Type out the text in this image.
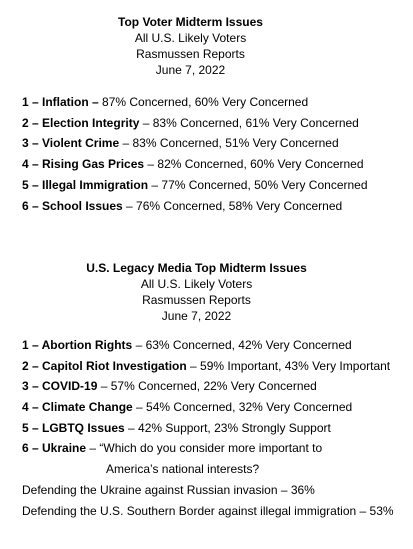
Top Voter Midterm Issues
All U.S. Likely Voters
Rasmussen Reports
June 7, 2022
1 – Inflation – 87% Concerned, 60% Very Concerned
2 – Election Integrity – 83% Concerned, 61% Very Concerned
3 – Violent Crime – 83% Concerned, 51% Very Concerned
4 – Rising Gas Prices – 82% Concerned, 60% Very Concerned
5 – Illegal Immigration – 77% Concerned, 50% Very Concerned
6 – School Issues – 76% Concerned, 58% Very Concerned
U.S. Legacy Media Top Midterm Issues
All U.S. Likely Voters
Rasmussen Reports
June 7, 2022
1 – Abortion Rights – 63% Concerned, 42% Very Concerned
2 – Capitol Riot Investigation – 59% Important, 43% Very Important
3 – COVID-19 – 57% Concerned, 22% Very Concerned
4 – Climate Change – 54% Concerned, 32% Very Concerned
5 – LGBTQ Issues – 42% Support, 23% Strongly Support
6 – Ukraine – “Which do you consider more important to
America’s national interests?
Defending the Ukraine against Russian invasion – 36%
Defending the U.S. Southern Border against illegal immigration – 53%
